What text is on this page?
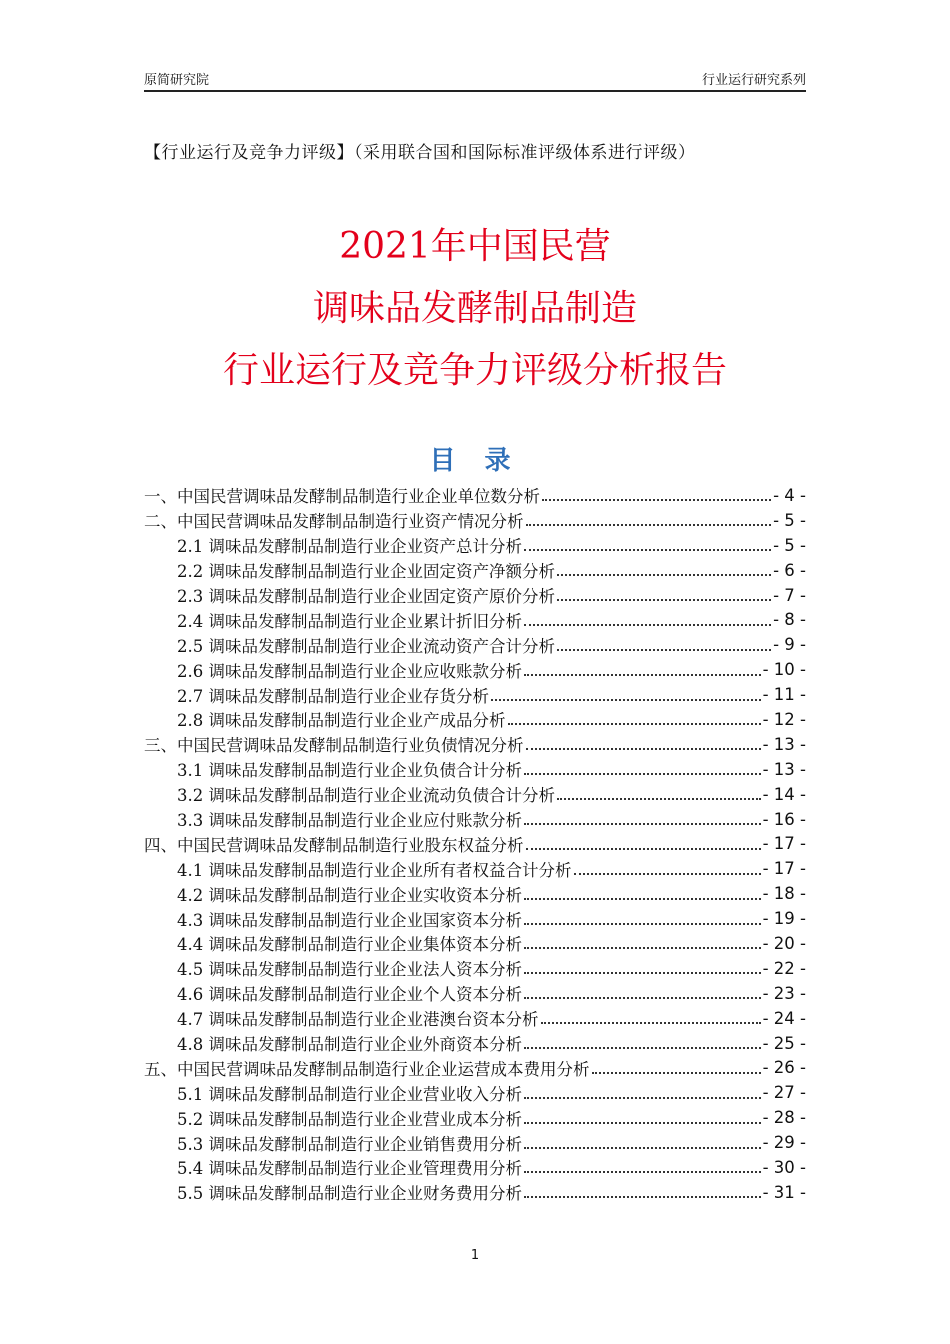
原简研究院	行业运行研究系列
【行业运行及竞争力评级】（采用联合国和国际标准评级体系进行评级）
2021年中国民营
调味品发酵制品制造
行业运行及竞争力评级分析报告
目 录
一、中国民营调味品发酵制品制造行业企业单位数分析	- 4 -
二、中国民营调味品发酵制品制造行业资产情况分析	- 5 -
2.1 调味品发酵制品制造行业企业资产总计分析	- 5 -
2.2 调味品发酵制品制造行业企业固定资产净额分析	- 6 -
2.3 调味品发酵制品制造行业企业固定资产原价分析	- 7 -
2.4 调味品发酵制品制造行业企业累计折旧分析	- 8 -
2.5 调味品发酵制品制造行业企业流动资产合计分析	- 9 -
2.6 调味品发酵制品制造行业企业应收账款分析	- 10 -
2.7 调味品发酵制品制造行业企业存货分析	- 11 -
2.8 调味品发酵制品制造行业企业产成品分析	- 12 -
三、中国民营调味品发酵制品制造行业负债情况分析	- 13 -
3.1 调味品发酵制品制造行业企业负债合计分析	- 13 -
3.2 调味品发酵制品制造行业企业流动负债合计分析	- 14 -
3.3 调味品发酵制品制造行业企业应付账款分析	- 16 -
四、中国民营调味品发酵制品制造行业股东权益分析	- 17 -
4.1 调味品发酵制品制造行业企业所有者权益合计分析	- 17 -
4.2 调味品发酵制品制造行业企业实收资本分析	- 18 -
4.3 调味品发酵制品制造行业企业国家资本分析	- 19 -
4.4 调味品发酵制品制造行业企业集体资本分析	- 20 -
4.5 调味品发酵制品制造行业企业法人资本分析	- 22 -
4.6 调味品发酵制品制造行业企业个人资本分析	- 23 -
4.7 调味品发酵制品制造行业企业港澳台资本分析	- 24 -
4.8 调味品发酵制品制造行业企业外商资本分析	- 25 -
五、中国民营调味品发酵制品制造行业企业运营成本费用分析	- 26 -
5.1 调味品发酵制品制造行业企业营业收入分析	- 27 -
5.2 调味品发酵制品制造行业企业营业成本分析	- 28 -
5.3 调味品发酵制品制造行业企业销售费用分析	- 29 -
5.4 调味品发酵制品制造行业企业管理费用分析	- 30 -
5.5 调味品发酵制品制造行业企业财务费用分析	- 31 -
1
